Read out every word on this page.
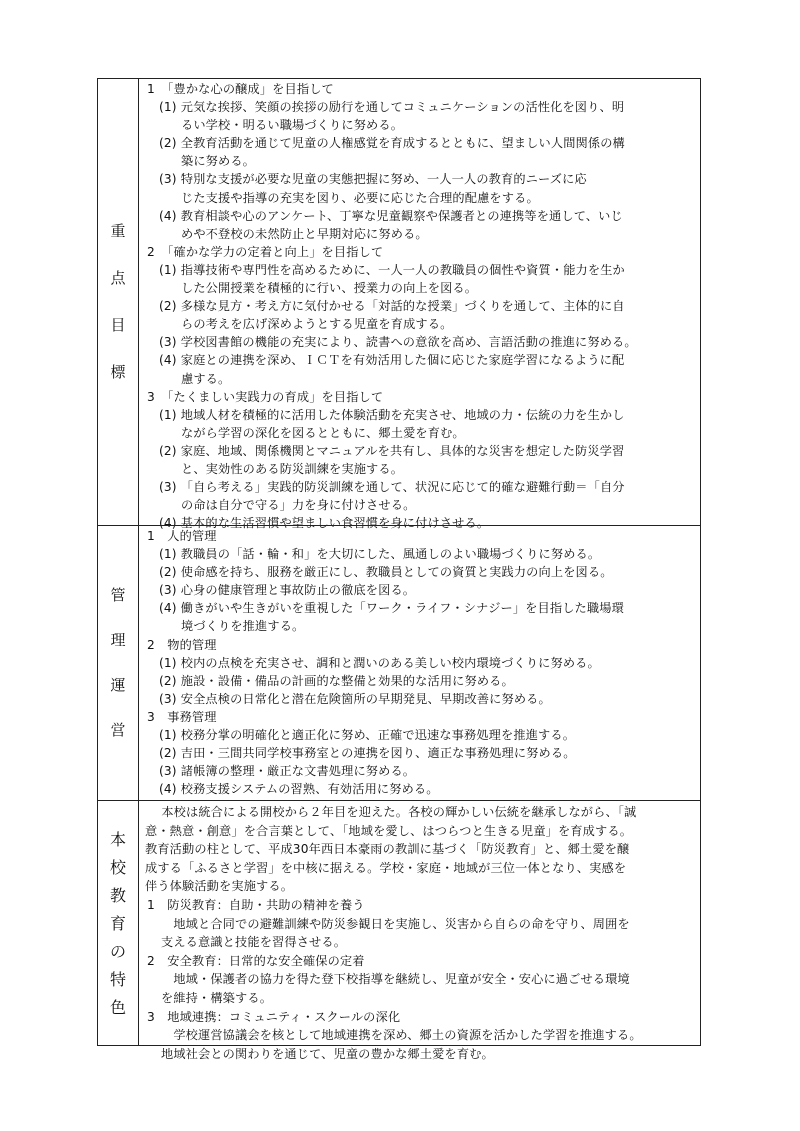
重
点
目
標
1　「豊かな心の醸成」を目指して
(1) 元気な挨拶、笑顔の挨拶の励行を通してコミュニケーションの活性化を図り、明
るい学校・明るい職場づくりに努める。
(2) 全教育活動を通じて児童の人権感覚を育成するとともに、望ましい人間関係の構
築に努める。
(3) 特別な支援が必要な児童の実態把握に努め、一人一人の教育的ニーズに応
じた支援や指導の充実を図り、必要に応じた合理的配慮をする。
(4) 教育相談や心のアンケート、丁寧な児童観察や保護者との連携等を通して、いじ
めや不登校の未然防止と早期対応に努める。
2　「確かな学力の定着と向上」を目指して
(1) 指導技術や専門性を高めるために、一人一人の教職員の個性や資質・能力を生か
した公開授業を積極的に行い、授業力の向上を図る。
(2) 多様な見方・考え方に気付かせる「対話的な授業」づくりを通して、主体的に自
らの考えを広げ深めようとする児童を育成する。
(3) 学校図書館の機能の充実により、読書への意欲を高め、言語活動の推進に努める。
(4) 家庭との連携を深め、ＩＣＴを有効活用した個に応じた家庭学習になるように配
慮する。
3　「たくましい実践力の育成」を目指して
(1) 地域人材を積極的に活用した体験活動を充実させ、地域の力・伝統の力を生かし
ながら学習の深化を図るとともに、郷土愛を育む。
(2) 家庭、地域、関係機関とマニュアルを共有し、具体的な災害を想定した防災学習
と、実効性のある防災訓練を実施する。
(3) 「自ら考える」実践的防災訓練を通して、状況に応じて的確な避難行動＝「自分
の命は自分で守る」力を身に付けさせる。
(4) 基本的な生活習慣や望ましい食習慣を身に付けさせる。
管
理
運
営
1　人的管理
(1) 教職員の「話・輪・和」を大切にした、風通しのよい職場づくりに努める。
(2) 使命感を持ち、服務を厳正にし、教職員としての資質と実践力の向上を図る。
(3) 心身の健康管理と事故防止の徹底を図る。
(4) 働きがいや生きがいを重視した「ワーク・ライフ・シナジー」を目指した職場環
境づくりを推進する。
2　物的管理
(1) 校内の点検を充実させ、調和と潤いのある美しい校内環境づくりに努める。
(2) 施設・設備・備品の計画的な整備と効果的な活用に努める。
(3) 安全点検の日常化と潜在危険箇所の早期発見、早期改善に努める。
3　事務管理
(1) 校務分掌の明確化と適正化に努め、正確で迅速な事務処理を推進する。
(2) 吉田・三間共同学校事務室との連携を図り、適正な事務処理に努める。
(3) 諸帳簿の整理・厳正な文書処理に努める。
(4) 校務支援システムの習熟、有効活用に努める。
本
校
教
育
の
特
色
　本校は統合による開校から２年目を迎えた。各校の輝かしい伝統を継承しながら、「誠
意・熱意・創意」を合言葉として、「地域を愛し、はつらつと生きる児童」を育成する。
教育活動の柱として、平成30年西日本豪雨の教訓に基づく「防災教育」と、郷土愛を醸
成する「ふるさと学習」を中核に据える。学校・家庭・地域が三位一体となり、実感を
伴う体験活動を実施する。
1　防災教育：自助・共助の精神を養う
　地域と合同での避難訓練や防災参観日を実施し、災害から自らの命を守り、周囲を
支える意識と技能を習得させる。
2　安全教育：日常的な安全確保の定着
　地域・保護者の協力を得た登下校指導を継続し、児童が安全・安心に過ごせる環境
を維持・構築する。
3　地域連携：コミュニティ・スクールの深化
　学校運営協議会を核として地域連携を深め、郷土の資源を活かした学習を推進する。
地域社会との関わりを通じて、児童の豊かな郷土愛を育む。
